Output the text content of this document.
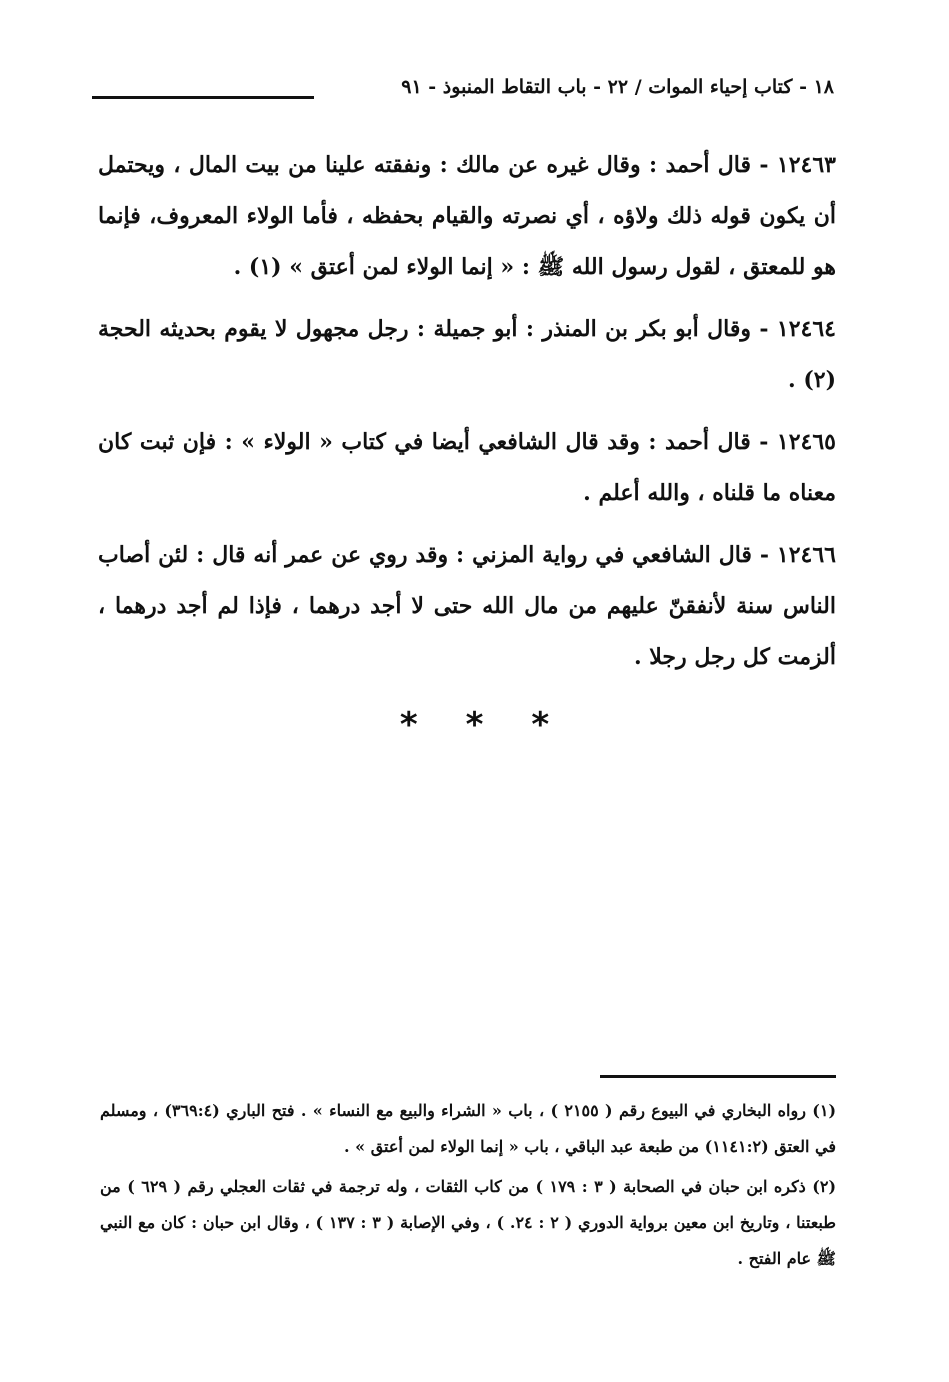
١٨ - كتاب إحياء الموات / ٢٢ - باب التقاط المنبوذ - ٩١

١٢٤٦٣ - قال أحمد : وقال غيره عن مالك : ونفقته علينا من بيت المال ، ويحتمل أن يكون قوله ذلك ولاؤه ، أي نصرته والقيام بحفظه ، فأما الولاء المعروف، فإنما هو للمعتق ، لقول رسول الله ﷺ : « إنما الولاء لمن أعتق » (١) .

١٢٤٦٤ - وقال أبو بكر بن المنذر : أبو جميلة : رجل مجهول لا يقوم بحديثه الحجة (٢) .

١٢٤٦٥ - قال أحمد : وقد قال الشافعي أيضا في كتاب « الولاء » : فإن ثبت كان معناه ما قلناه ، والله أعلم .

١٢٤٦٦ - قال الشافعي في رواية المزني : وقد روي عن عمر أنه قال : لئن أصاب الناس سنة لأنفقنّ عليهم من مال الله حتى لا أجد درهما ، فإذا لم أجد درهما ، ألزمت كل رجل رجلا .

* * *

(١) رواه البخاري في البيوع رقم ( ٢١٥٥ ) ، باب « الشراء والبيع مع النساء » . فتح الباري (٣٦٩:٤) ، ومسلم في العتق (١١٤١:٢) من طبعة عبد الباقي ، باب « إنما الولاء لمن أعتق » .

(٢) ذكره ابن حبان في الصحابة ( ٣ : ١٧٩ ) من كاب الثقات ، وله ترجمة في ثقات العجلي رقم ( ٦٢٩ ) من طبعتنا ، وتاريخ ابن معين برواية الدوري ( ٢ : ٢٤. ) ، وفي الإصابة ( ٣ : ١٣٧ ) ، وقال ابن حبان : كان مع النبي ﷺ عام الفتح .
